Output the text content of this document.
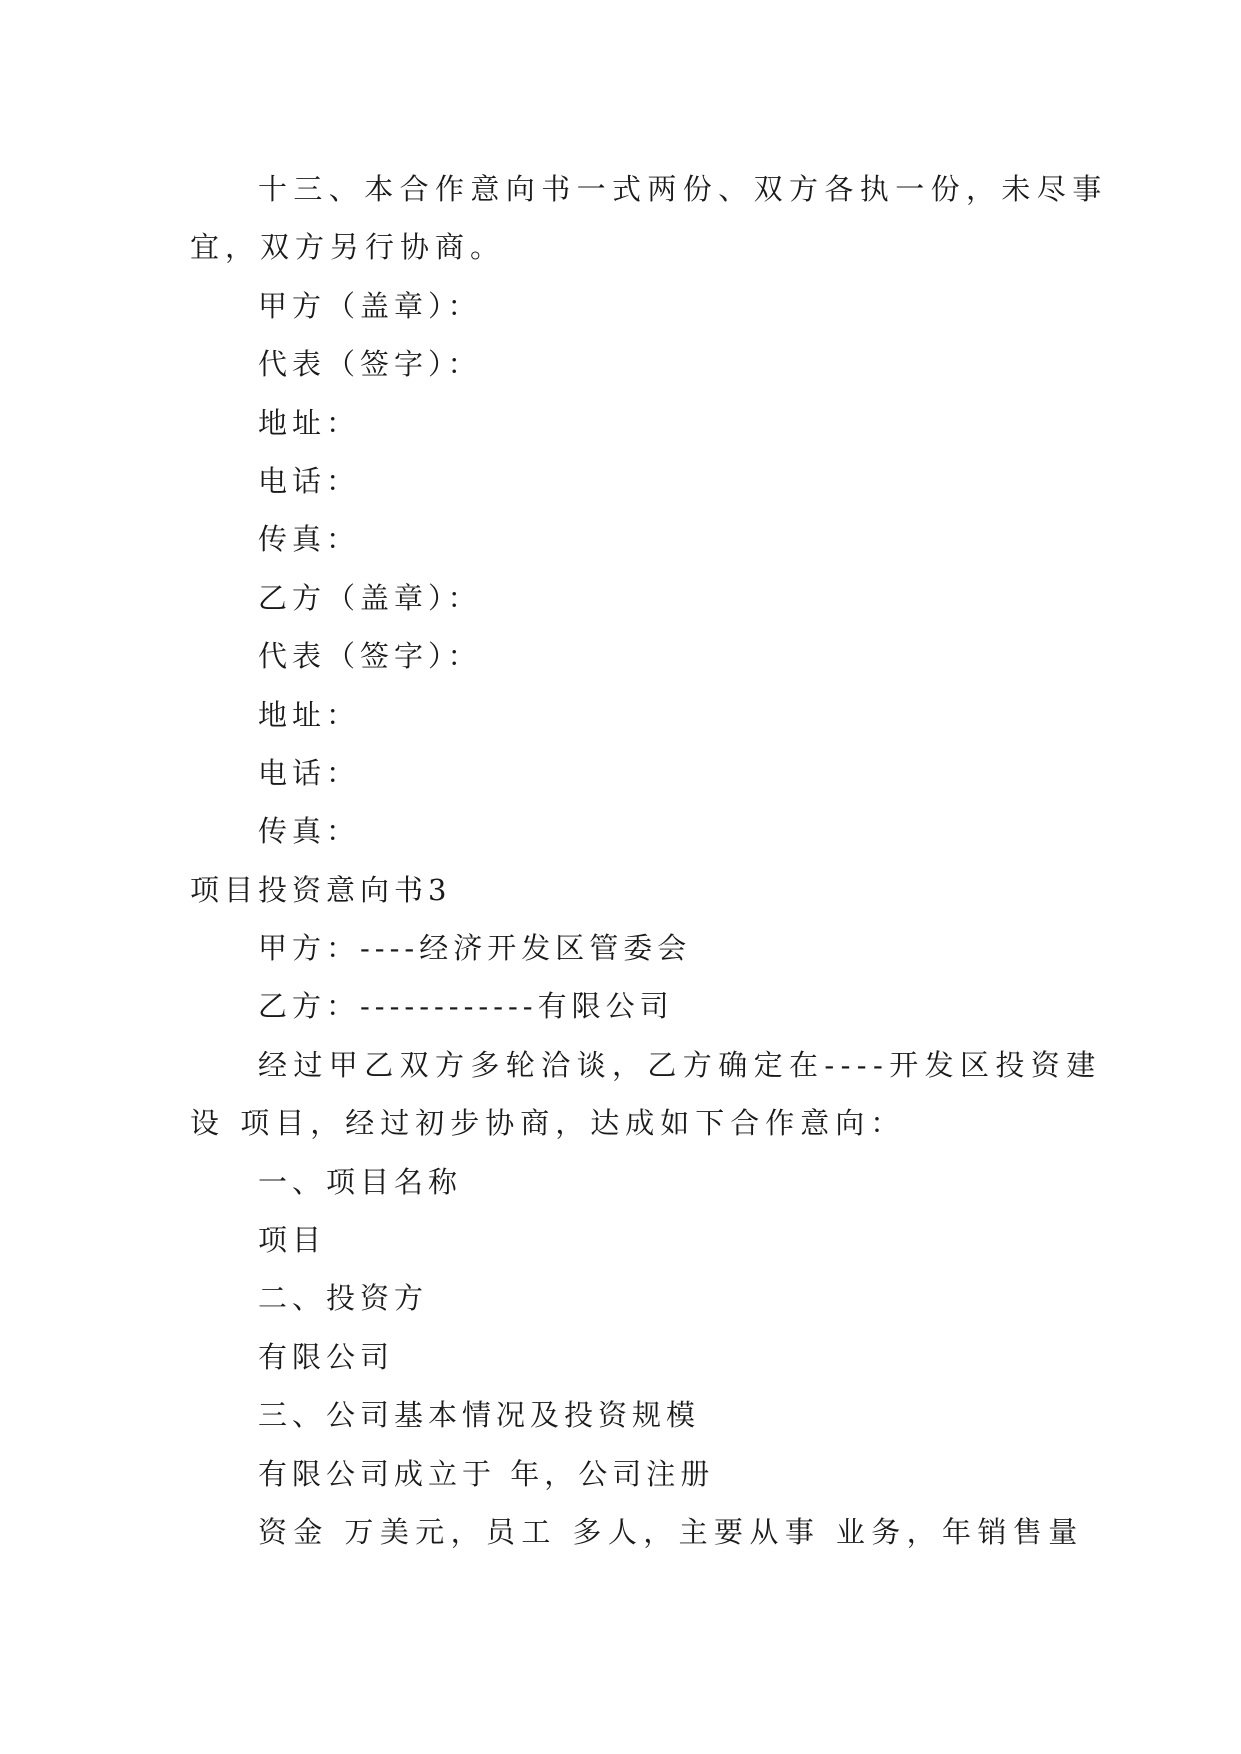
十三、本合作意向书一式两份、双方各执一份，未尽事
宜，双方另行协商。
甲方（盖章）：
代表（签字）：
地址：
电话：
传真：
乙方（盖章）：
代表（签字）：
地址：
电话：
传真：
项目投资意向书3
甲方：----经济开发区管委会
乙方：------------有限公司
经过甲乙双方多轮洽谈，乙方确定在----开发区投资建
设 项目，经过初步协商，达成如下合作意向：
一、项目名称
项目
二、投资方
有限公司
三、公司基本情况及投资规模
有限公司成立于 年，公司注册
资金 万美元，员工 多人，主要从事 业务，年销售量
